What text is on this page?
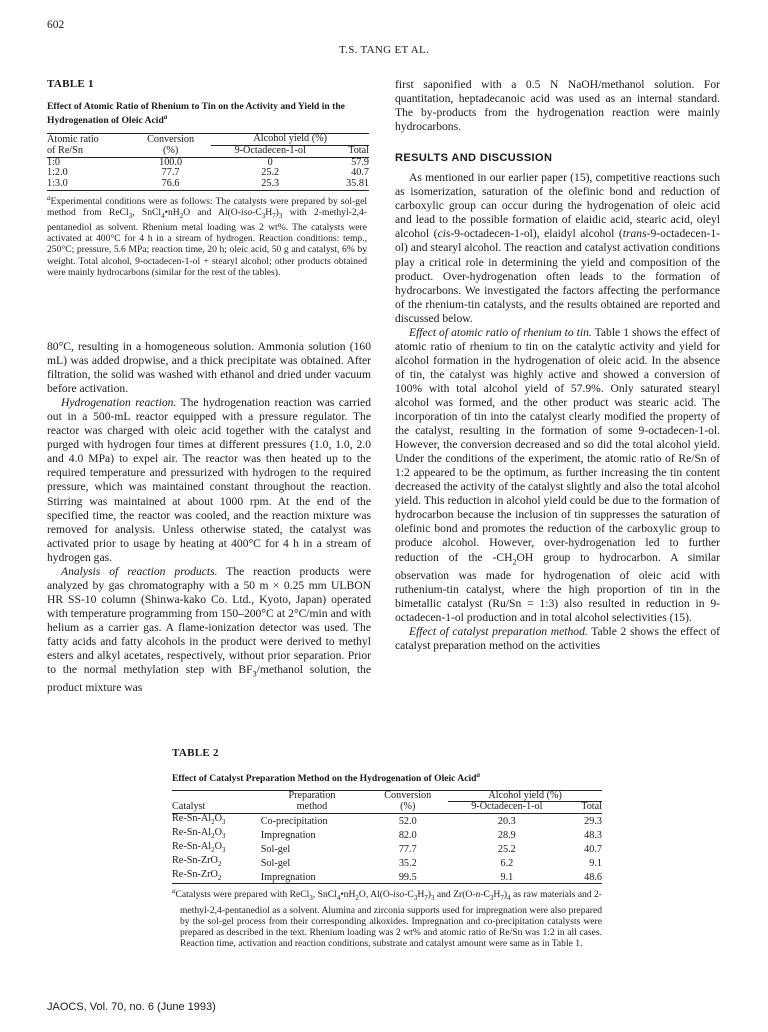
602
T.S. TANG ET AL.
TABLE 1
Effect of Atomic Ratio of Rhenium to Tin on the Activity and Yield in the Hydrogenation of Oleic Acid$^a$
Atomic ratio	Conversion	Alcohol yield (%)	
of Re/Sn	(%)	9-Octadecen-1-ol	Total
1:0	100.0	0	57.9
1:2.0	77.7	25.2	40.7
1:3.0	76.6	25.3	35.81
$^a$Experimental conditions were as follows: The catalysts were prepared by sol-gel method from ReCl$_3$, $SnCl_4•nH_2O$ and $Al(O-iso-C_3H_7)_3$ with 2-methyl-2,4-pentanediol as solvent. Rhenium metal loading was 2 wt%. The catalysts were activated at 400°C for 4 h in a stream of hydrogen. Reaction conditions: temp., 250°C; pressure, 5.6 MPa; reaction time, 20 h; oleic acid, 50 g and catalyst, 6% by weight. Total alcohol, 9-octadecen-1-ol + stearyl alcohol; other products obtained were mainly hydrocarbons (similar for the rest of the tables).

80°C, resulting in a homogeneous solution. Ammonia solution (160 mL) was added dropwise, and a thick precipitate was obtained. After filtration, the solid was washed with ethanol and dried under vacuum before activation.

Hydrogenation reaction. The hydrogenation reaction was carried out in a 500-mL reactor equipped with a pressure regulator. The reactor was charged with oleic acid together with the catalyst and purged with hydrogen four times at different pressures (1.0, 1.0, 2.0 and 4.0 MPa) to expel air. The reactor was then heated up to the required temperature and pressurized with hydrogen to the required pressure, which was maintained constant throughout the reaction. Stirring was maintained at about 1000 rpm. At the end of the specified time, the reactor was cooled, and the reaction mixture was removed for analysis. Unless otherwise stated, the catalyst was activated prior to usage by heating at 400°C for 4 h in a stream of hydrogen gas.

Analysis of reaction products. The reaction products were analyzed by gas chromatography with a 50 m × 0.25 mm ULBON HR SS-10 column (Shinwa-kako Co. Ltd., Kyoto, Japan) operated with temperature programming from 150–200°C at 2°C/min and with helium as a carrier gas. A flame-ionization detector was used. The fatty acids and fatty alcohols in the product were derived to methyl esters and alkyl acetates, respectively, without prior separation. Prior to the normal methylation step with $BF_3$/methanol solution, the product mixture was

first saponified with a 0.5 N NaOH/methanol solution. For quantitation, heptadecanoic acid was used as an internal standard. The by-products from the hydrogenation reaction were mainly hydrocarbons.

RESULTS AND DISCUSSION

As mentioned in our earlier paper (15), competitive reactions such as isomerization, saturation of the olefinic bond and reduction of carboxylic group can occur during the hydrogenation of oleic acid and lead to the possible formation of elaidic acid, stearic acid, oleyl alcohol (cis-9-octadecen-1-ol), elaidyl alcohol (trans-9-octadecen-1-ol) and stearyl alcohol. The reaction and catalyst activation conditions play a critical role in determining the yield and composition of the product. Over-hydrogenation often leads to the formation of hydrocarbons. We investigated the factors affecting the performance of the rhenium-tin catalysts, and the results obtained are reported and discussed below.

Effect of atomic ratio of rhenium to tin. Table 1 shows the effect of atomic ratio of rhenium to tin on the catalytic activity and yield for alcohol formation in the hydrogenation of oleic acid. In the absence of tin, the catalyst was highly active and showed a conversion of 100% with total alcohol yield of 57.9%. Only saturated stearyl alcohol was formed, and the other product was stearic acid. The incorporation of tin into the catalyst clearly modified the property of the catalyst, resulting in the formation of some 9-octadecen-1-ol. However, the conversion decreased and so did the total alcohol yield. Under the conditions of the experiment, the atomic ratio of Re/Sn of 1:2 appeared to be the optimum, as further increasing the tin content decreased the activity of the catalyst slightly and also the total alcohol yield. This reduction in alcohol yield could be due to the formation of hydrocarbon because the inclusion of tin suppresses the saturation of olefinic bond and promotes the reduction of the carboxylic group to produce alcohol. However, over-hydrogenation led to further reduction of the $-CH_2OH$ group to hydrocarbon. A similar observation was made for hydrogenation of oleic acid with ruthenium-tin catalyst, where the high proportion of tin in the bimetallic catalyst (Ru/Sn = 1:3) also resulted in reduction in 9-octadecen-1-ol production and in total alcohol selectivities (15).

Effect of catalyst preparation method. Table 2 shows the effect of catalyst preparation method on the activities

TABLE 2
Effect of Catalyst Preparation Method on the Hydrogenation of Oleic Acid$^a$
	Preparation	Conversion	Alcohol yield (%)	
Catalyst	method	(%)	9-Octadecen-1-ol	Total
$Re-Sn-Al_2O_3$	Co-precipitation	52.0	20.3	29.3
$Re-Sn-Al_2O_3$	Impregnation	82.0	28.9	48.3
$Re-Sn-Al_2O_3$	Sol-gel	77.7	25.2	40.7
Re-Sn-ZrO$_2$	Sol-gel	35.2	6.2	9.1
Re-Sn-ZrO$_2$	Impregnation	99.5	9.1	48.6
$^a$Catalysts were prepared with ReCl$_3$, $SnCl_4•nH_2O$, $Al(O-iso-C_3H_7)_3$ and $Zr(O-n-C_3H_7)_4$ as raw materials and 2-methyl-2,4-pentanediol as a solvent. Alumina and zirconia supports used for impregnation were also prepared by the sol-gel process from their corresponding alkoxides. Impregnation and co-precipitation catalysts were prepared as described in the text. Rhenium loading was 2 wt% and atomic ratio of Re/Sn was 1:2 in all cases. Reaction time, activation and reaction conditions, substrate and catalyst amount were same as in Table 1.
JAOCS, Vol. 70, no. 6 (June 1993)
